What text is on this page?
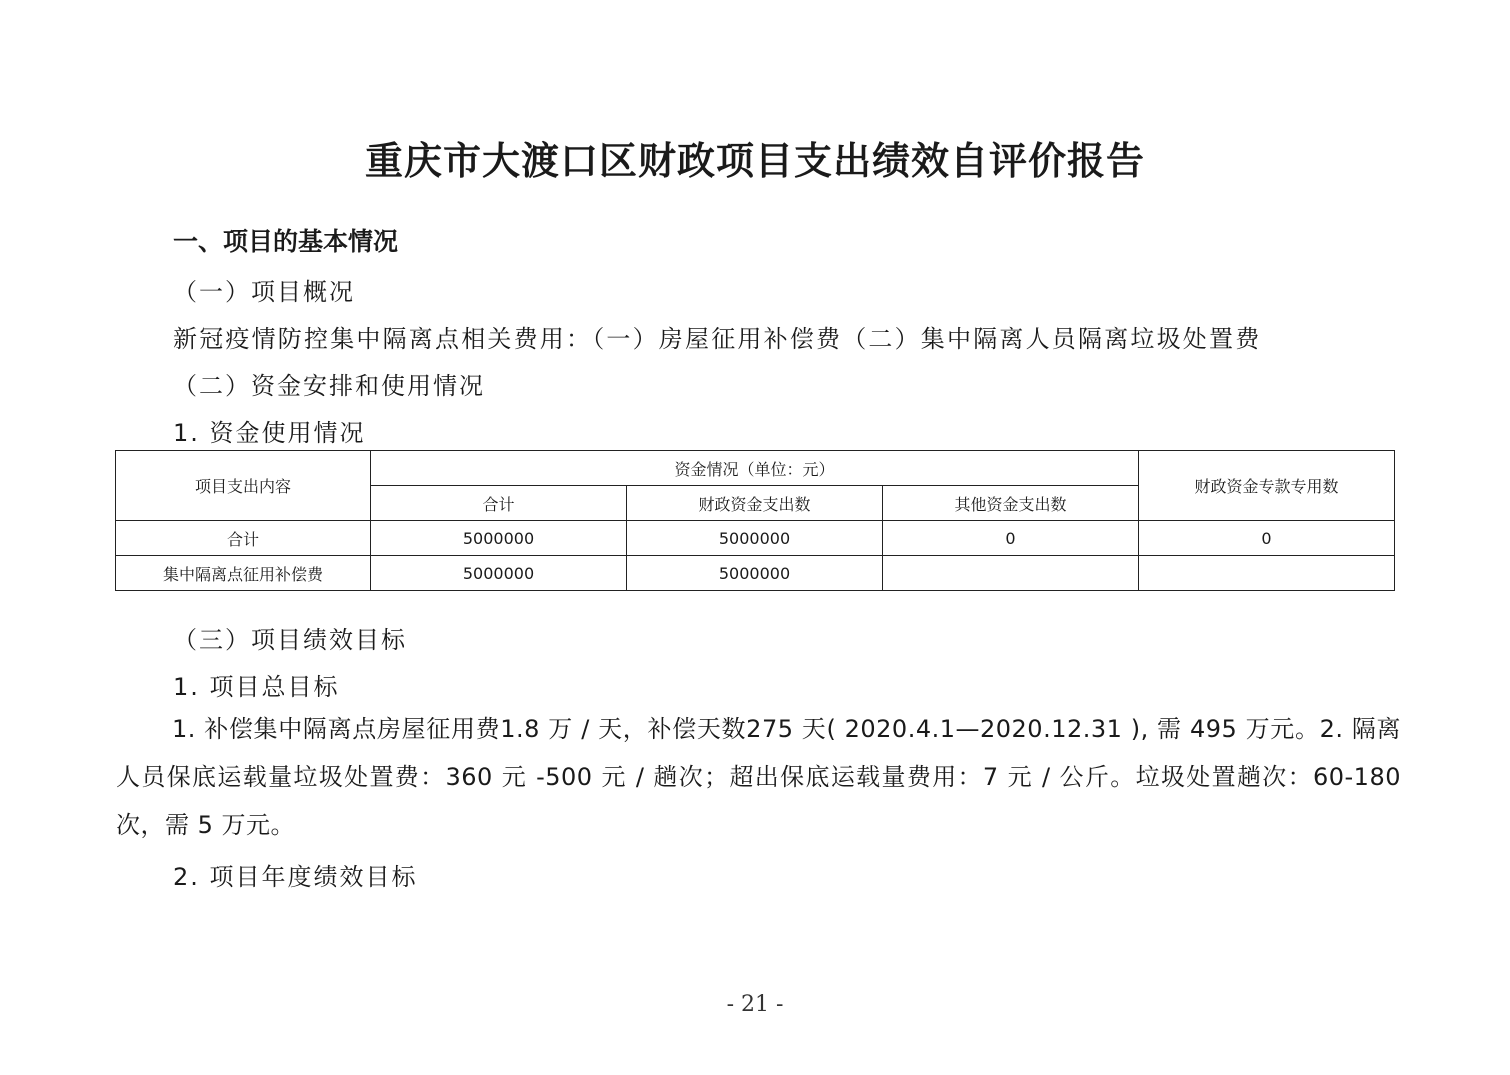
重庆市大渡口区财政项目支出绩效自评价报告
一、项目的基本情况
（一）项目概况
新冠疫情防控集中隔离点相关费用：（一）房屋征用补偿费（二）集中隔离人员隔离垃圾处置费
（二）资金安排和使用情况
1. 资金使用情况
项目支出内容	资金情况（单位：元）			财政资金专款专用数
	合计	财政资金支出数	其他资金支出数	
合计	5000000	5000000	0	0
集中隔离点征用补偿费	5000000	5000000		
（三）项目绩效目标
1. 项目总目标
1. 补偿集中隔离点房屋征用费1.8 万 / 天，补偿天数275 天( 2020.4.1—2020.12.31 ), 需 495 万元。2. 隔离人员保底运载量垃圾处置费：360 元 -500 元 / 趟次；超出保底运载量费用：7 元 / 公斤。垃圾处置趟次：60-180 次，需 5 万元。
2. 项目年度绩效目标
- 21 -
